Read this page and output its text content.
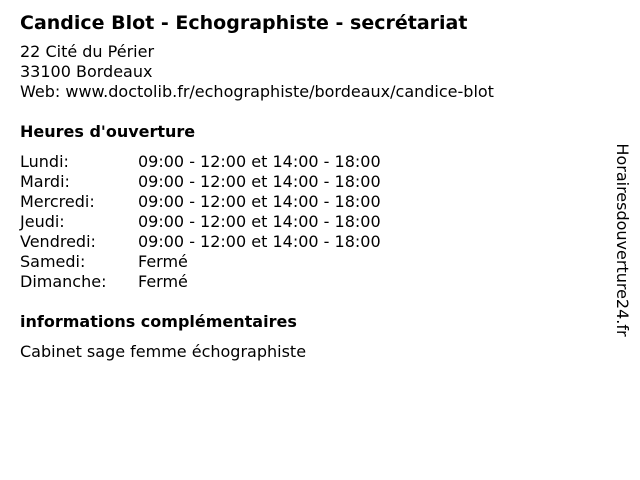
Candice Blot - Echographiste - secrétariat
22 Cité du Périer
33100 Bordeaux
Web: www.doctolib.fr/echographiste/bordeaux/candice-blot
Heures d'ouverture
Lundi:	09:00 - 12:00 et 14:00 - 18:00
Mardi:	09:00 - 12:00 et 14:00 - 18:00
Mercredi:	09:00 - 12:00 et 14:00 - 18:00
Jeudi:	09:00 - 12:00 et 14:00 - 18:00
Vendredi:	09:00 - 12:00 et 14:00 - 18:00
Samedi:	Fermé
Dimanche:	Fermé
informations complémentaires
Cabinet sage femme échographiste
Horairesdouverture24.fr
